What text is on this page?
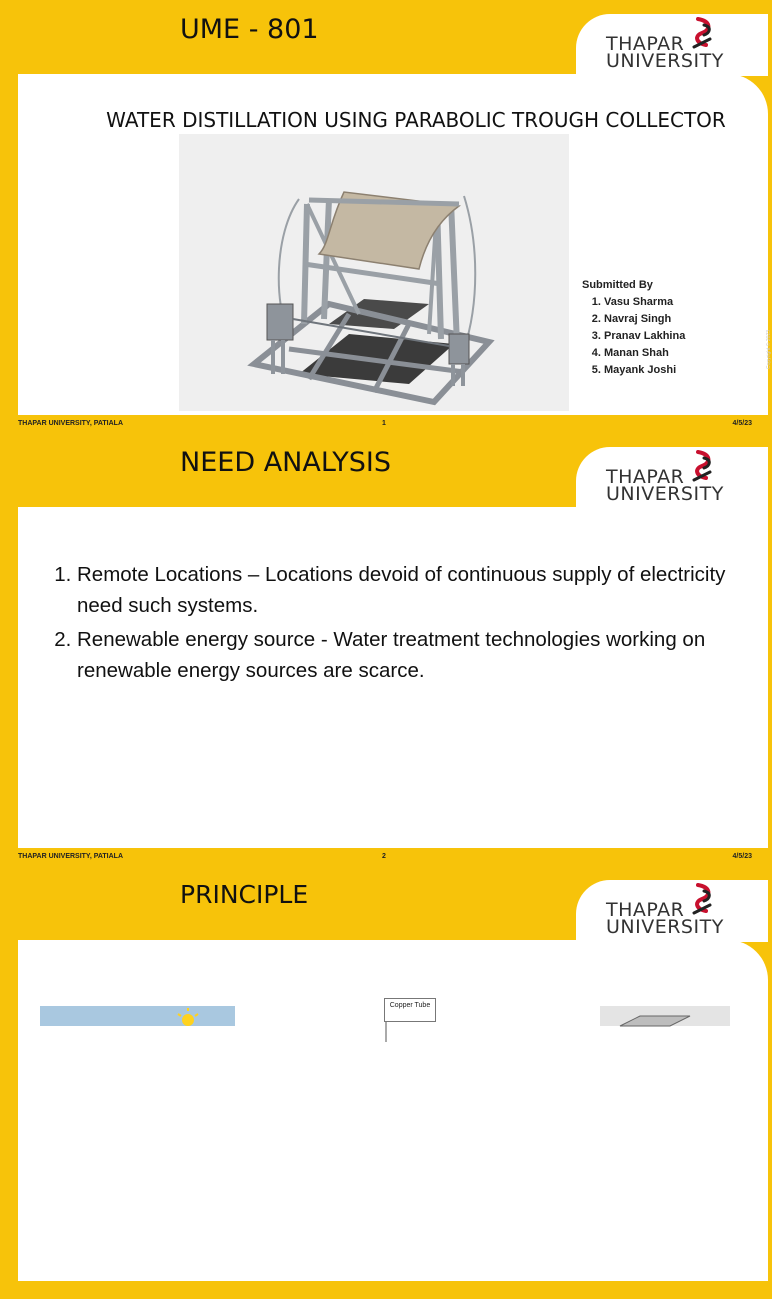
UME - 801	THAPAR
UNIVERSITY
WATER DISTILLATION USING PARABOLIC TROUGH COLLECTOR
Submitted By
1. Vasu Sharma
2. Navraj Singh
3. Pranav Lakhina
4. Manan Shah
5. Mayank Joshi
THAPAR UNIVERSITY, PATIALA	1	4/5/23
NEED ANALYSIS	THAPAR
UNIVERSITY
1. Remote Locations – Locations devoid of continuous supply of electricity need such systems.
2. Renewable energy source - Water treatment technologies working on renewable energy sources are scarce.
THAPAR UNIVERSITY, PATIALA	2	4/5/23
PRINCIPLE
THAPAR
UNIVERSITY
Copper Tube
Copyright © 2023
